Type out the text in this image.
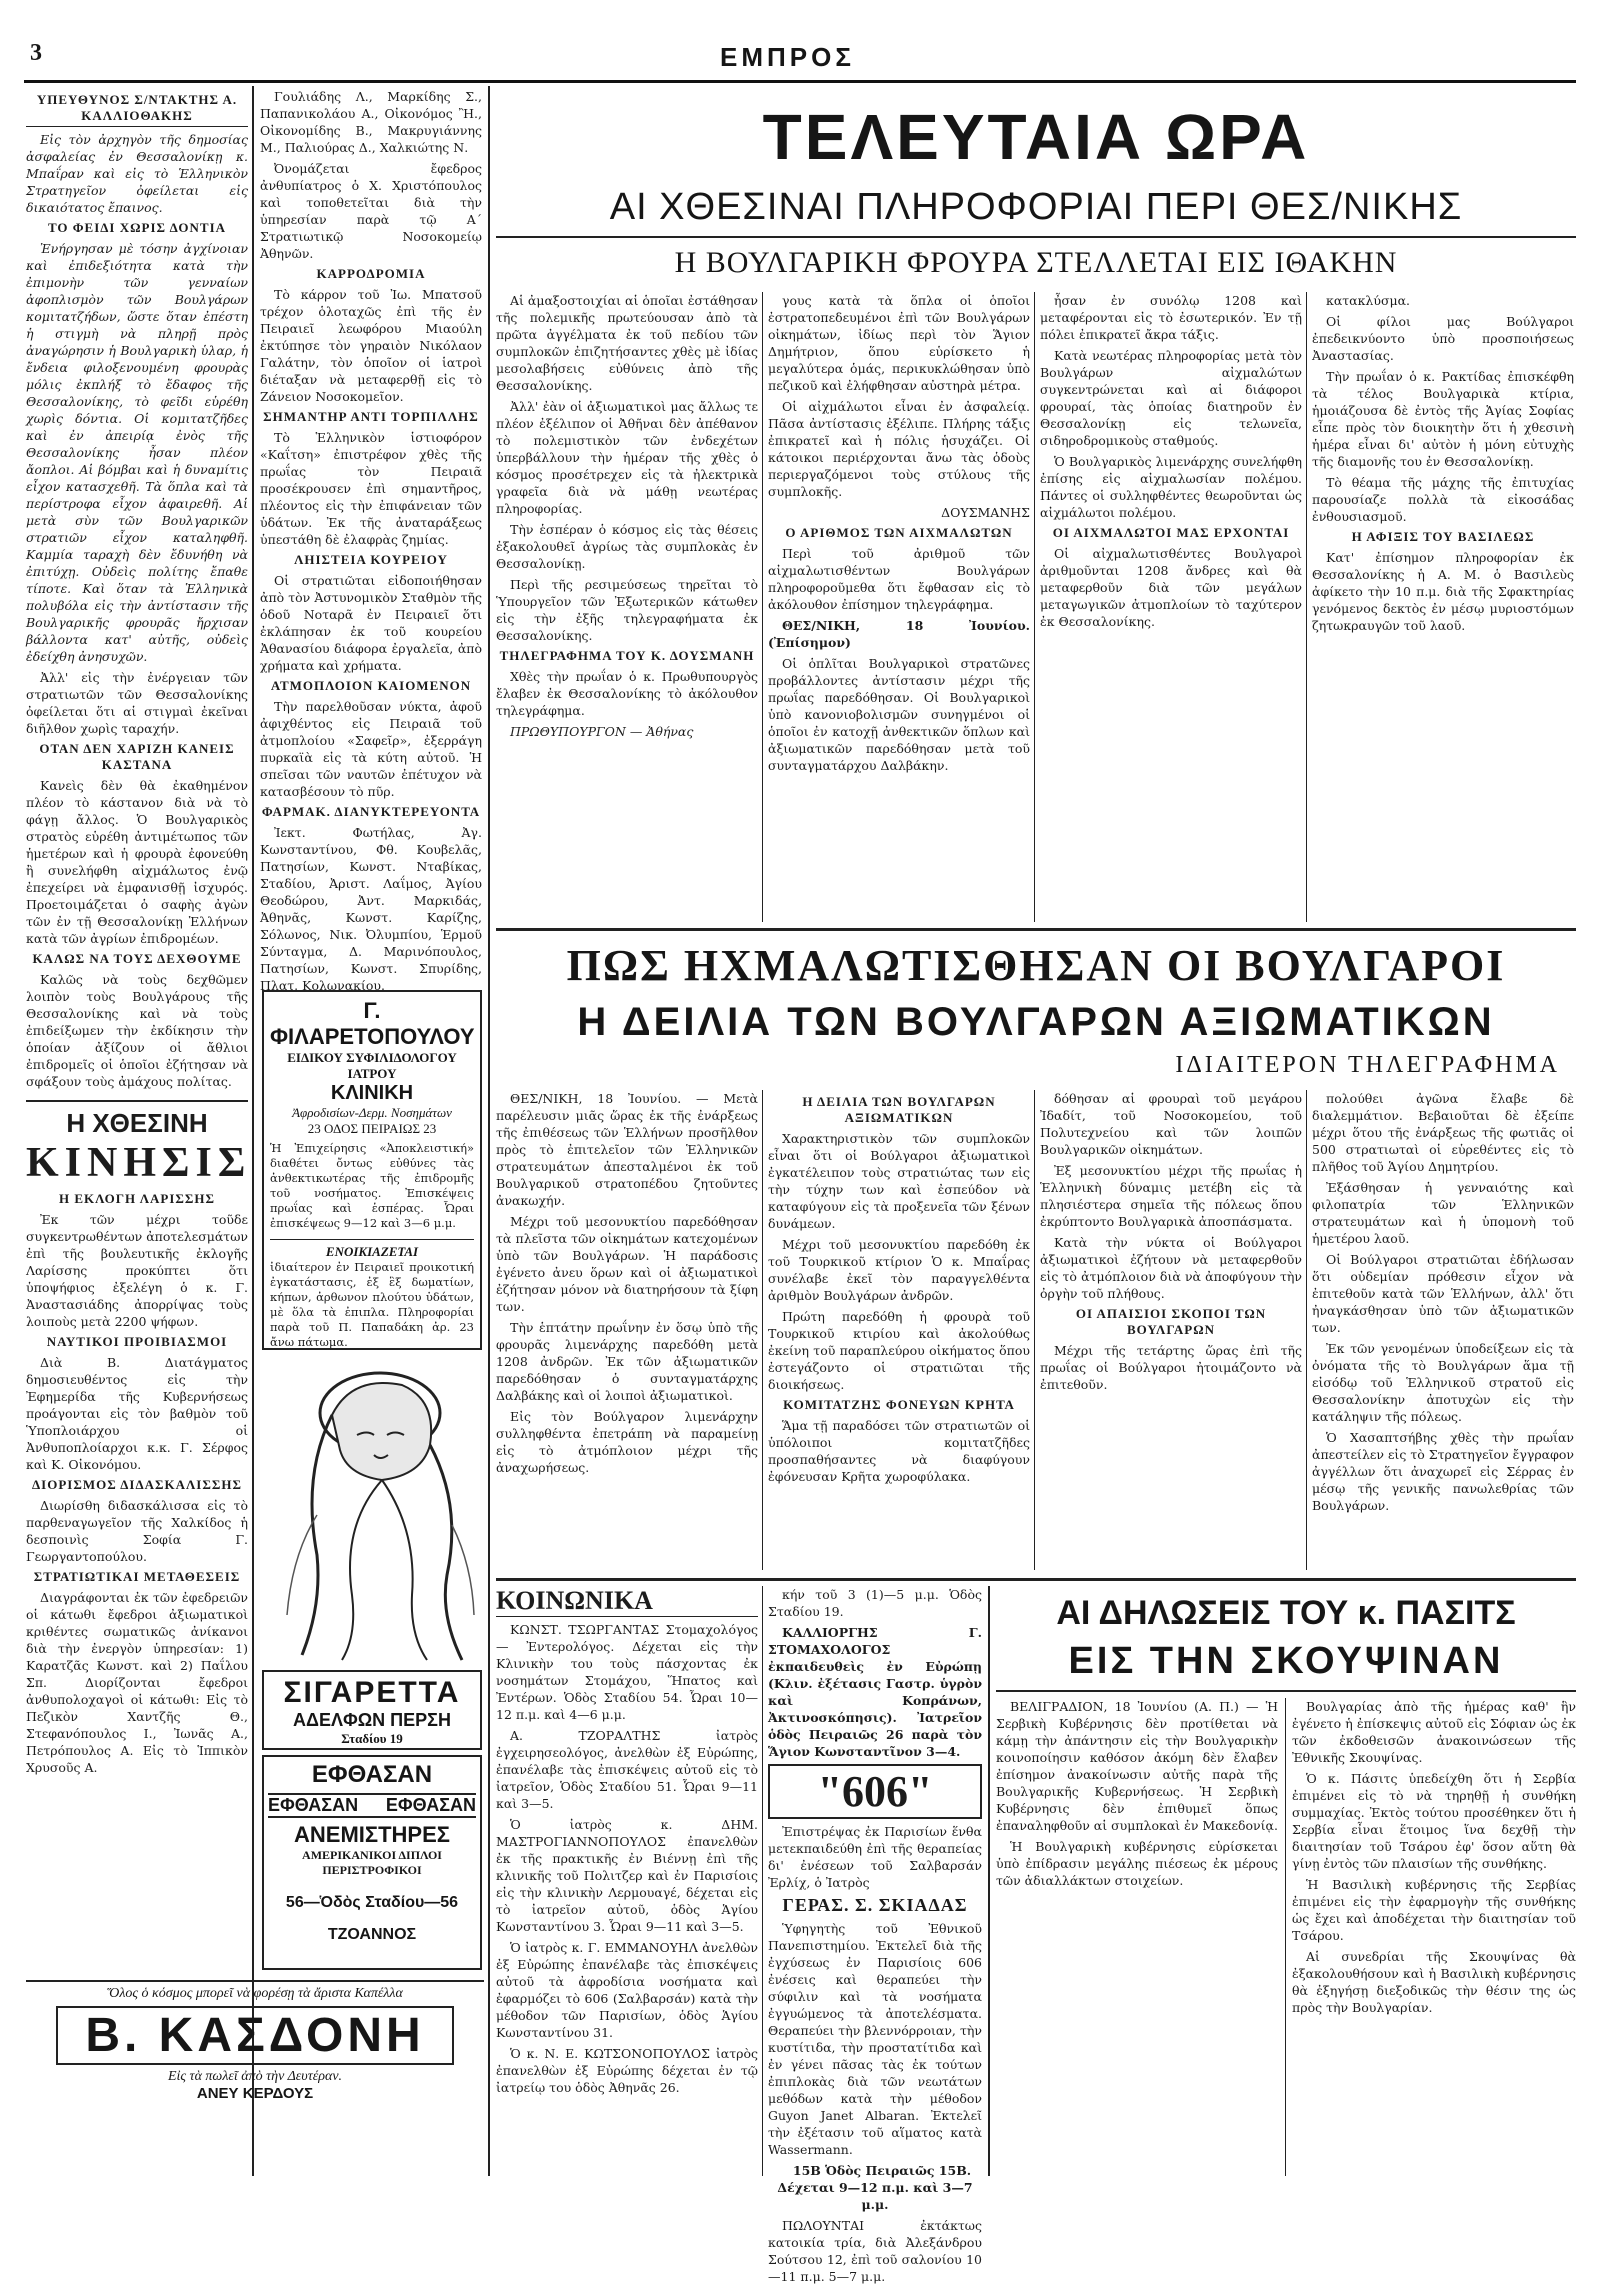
3	ΕΜΠΡΟΣ
ΥΠΕΥΘΥΝΟΣ Σ/ΝΤΑΚΤΗΣ Α. ΚΑΛΛΙΟΘΑΚΗΣ

Εἰς τὸν ἀρχηγὸν τῆς δημοσίας ἀσφαλείας ἐν Θεσσαλονίκῃ κ. Μπαΐραν καὶ εἰς τὸ Ἑλληνικὸν Στρατηγεῖον ὀφείλεται εἰς δικαιότατος ἔπαινος.

ΤΟ ΦΕΙΔΙ ΧΩΡΙΣ ΔΟΝΤΙΑ

Ἐνήργησαν μὲ τόσην ἀγχίνοιαν καὶ ἐπιδεξιότητα κατὰ τὴν ἐπιμονὴν τῶν γενναίων ἀφοπλισμὸν τῶν Βουλγάρων κομιτατζήδων, ὥστε ὅταν ἐπέστη ἡ στιγμὴ νὰ πληρῇ πρὸς ἀναγώρησιν ἡ Βουλγαρικὴ ὑλαρ, ἡ ἔνδεια φιλοξενουμένη φρουρὰς μόλις ἐκπλήξ τὸ ἔδαφος τῆς Θεσσαλονίκης, τὸ φεῖδι εὑρέθη χωρὶς δόντια. Οἱ κομιτατζῆδες καὶ ἐν ἀπειρίᾳ ἐνὸς τῆς Θεσσαλονίκης ἦσαν πλέον ἄοπλοι. Αἱ βόμβαι καὶ ἡ δυναμίτις εἶχον κατασχεθῆ. Τὰ ὅπλα καὶ τὰ περίστροφα εἶχον ἀφαιρεθῆ. Αἱ μετὰ σὺν τῶν Βουλγαρικῶν στρατιῶν εἶχον καταληφθῆ. Καμμία ταραχὴ δὲν ἔδυνήθη νὰ ἐπιτύχῃ. Οὐδεὶς πολίτης ἔπαθε τίποτε. Καὶ ὅταν τὰ Ἑλληνικὰ πολυβόλα εἰς τὴν ἀντίστασιν τῆς Βουλγαρικῆς φρουρᾶς ἤρχισαν βάλλοντα κατ' αὐτῆς, οὐδεὶς ἐδείχθη ἀνησυχῶν.

Ἀλλ' εἰς τὴν ἐνέργειαν τῶν στρατιωτῶν τῶν Θεσσαλονίκης ὀφείλεται ὅτι αἱ στιγμαὶ ἐκεῖναι διῆλθον χωρὶς ταραχήν.

ΟΤΑΝ ΔΕΝ ΧΑΡΙΖΗ ΚΑΝΕΙΣ ΚΑΣΤΑΝΑ

Κανεὶς δὲν θὰ ἐκαθημένον πλέον τὸ κάστανον διὰ νὰ τὸ φάγῃ ἄλλος. Ὁ Βουλγαρικὸς στρατὸς εὑρέθη ἀντιμέτωπος τῶν ἡμετέρων καὶ ἡ φρουρὰ ἐφονεύθη ἢ συνελήφθη αἰχμάλωτος ἐνῷ ἐπεχείρει νὰ ἐμφανισθῇ ἰσχυρός. Προετοιμάζεται ὁ σαφὴς ἀγὼν τῶν ἐν τῇ Θεσσαλονίκῃ Ἑλλήνων κατὰ τῶν ἀγρίων ἐπιδρομέων.

ΚΑΛΩΣ ΝΑ ΤΟΥΣ ΔΕΧΘΟΥΜΕ

Καλῶς νὰ τοὺς δεχθῶμεν λοιπὸν τοὺς Βουλγάρους τῆς Θεσσαλονίκης καὶ νὰ τοὺς ἐπιδείξωμεν τὴν ἐκδίκησιν τὴν ὁποίαν ἀξίζουν οἱ ἄθλιοι ἐπιδρομεῖς οἱ ὁποῖοι ἐζήτησαν νὰ σφάξουν τοὺς ἀμάχους πολίτας.

Η ΧΘΕΣΙΝΗ
ΚΙΝΗΣΙΣ
Η ΕΚΛΟΓΗ ΛΑΡΙΣΣΗΣ

Ἐκ τῶν μέχρι τοῦδε συγκεντρωθέντων ἀποτελεσμάτων ἐπὶ τῆς βουλευτικῆς ἐκλογῆς Λαρίσσης προκύπτει ὅτι ὑποψήφιος ἐξελέγη ὁ κ. Γ. Ἀναστασιάδης ἀπορρίψας τοὺς λοιποὺς μετὰ 2200 ψήφων.

ΝΑΥΤΙΚΟΙ ΠΡΟΙΒΙΑΣΜΟΙ

Διὰ Β. Διατάγματος δημοσιευθέντος εἰς τὴν Ἐφημερίδα τῆς Κυβερνήσεως προάγονται εἰς τὸν βαθμὸν τοῦ Ὑποπλοιάρχου οἱ Ἀνθυποπλοίαρχοι κ.κ. Γ. Σέρφος καὶ Κ. Οἰκονόμου.

ΔΙΟΡΙΣΜΟΣ ΔΙΔΑΣΚΑΛΙΣΣΗΣ

Διωρίσθη διδασκάλισσα εἰς τὸ παρθεναγωγεῖον τῆς Χαλκίδος ἡ δεσποινὶς Σοφία Γ. Γεωργαντοπούλου.

ΣΤΡΑΤΙΩΤΙΚΑΙ ΜΕΤΑΘΕΣΕΙΣ

Διαγράφονται ἐκ τῶν ἐφεδρειῶν οἱ κάτωθι ἔφεδροι ἀξιωματικοὶ κριθέντες σωματικῶς ἀνίκανοι διὰ τὴν ἐνεργὸν ὑπηρεσίαν: 1) Καρατζᾶς Κωνστ. καὶ 2) Παΐλου Σπ. Διορίζονται ἔφεδροι ἀνθυπολοχαγοὶ οἱ κάτωθι: Εἰς τὸ Πεζικὸν Χαντζῆς Θ., Στεφανόπουλος Ι., Ἰωνᾶς Α., Πετρόπουλος Α. Εἰς τὸ Ἱππικὸν Χρυσοῦς Α.

Γουλιάδης Λ., Μαρκίδης Σ., Παπανικολάου Α., Οἰκονόμος Ἢ., Οἰκονομίδης Β., Μακρυγιάννης Μ., Παλιούρας Δ., Χαλκιώτης Ν.

Ὀνομάζεται ἔφεδρος ἀνθυπίατρος ὁ Χ. Χριστόπουλος καὶ τοποθετεῖται διὰ τὴν ὑπηρεσίαν παρὰ τῷ Α΄ Στρατιωτικῷ Νοσοκομείῳ Ἀθηνῶν.

ΚΑΡΡΟΔΡΟΜΙΑ

Τὸ κάρρον τοῦ Ἰω. Μπατσοῦ τρέχον ὁλοταχῶς ἐπὶ τῆς ἐν Πειραιεῖ λεωφόρου Μιαούλη ἐκτύπησε τὸν γηραιὸν Νικόλαον Γαλάτην, τὸν ὁποῖον οἱ ἱατροὶ διέταξαν νὰ μεταφερθῇ εἰς τὸ Ζάνειον Νοσοκομεῖον.

ΣΗΜΑΝΤΗΡ ΑΝΤΙ ΤΟΡΠΙΛΛΗΣ

Τὸ Ἑλληνικὸν ἱστιοφόρον «Καΐτση» ἐπιστρέφον χθὲς τῆς πρωΐας τὸν Πειραιᾶ προσέκρουσεν ἐπὶ σημαντῆρος, πλέοντος εἰς τὴν ἐπιφάνειαν τῶν ὑδάτων. Ἐκ τῆς ἀναταράξεως ὑπεστάθη δὲ ἐλαφρὰς ζημίας.

ΛΗΙΣΤΕΙΑ ΚΟΥΡΕΙΟΥ

Οἱ στρατιῶται εἰδοποιήθησαν ἀπὸ τὸν Ἀστυνομικὸν Σταθμὸν τῆς ὁδοῦ Νοταρᾶ ἐν Πειραιεῖ ὅτι ἐκλάπησαν ἐκ τοῦ κουρείου Ἀθανασίου διάφορα ἐργαλεῖα, ἀπὸ χρήματα καὶ χρήματα.

ΑΤΜΟΠΛΟΙΟΝ ΚΑΙΟΜΕΝΟΝ

Τὴν παρελθοῦσαν νύκτα, ἀφοῦ ἀφιχθέντος εἰς Πειραιᾶ τοῦ ἀτμοπλοίου «Σαφεῖρ», ἐξερράγη πυρκαϊὰ εἰς τὰ κύτη αὐτοῦ. Ἡ σπεῖσαι τῶν ναυτῶν ἐπέτυχον νὰ κατασβέσουν τὸ πῦρ.

ΦΑΡΜΑΚ. ΔΙΑΝΥΚΤΕΡΕΥΟΝΤΑ

Ἰεκτ. Φωτήλας, Ἀγ. Κωνσταντίνου, Φθ. Κουβελᾶς, Πατησίων, Κωνστ. Νταβίκας, Σταδίου, Ἀριστ. Λαΐμος, Ἀγίου Θεοδώρου, Ἀντ. Μαρκιδάς, Ἀθηνᾶς, Κωνστ. Καρίζης, Σόλωνος, Νικ. Ὀλυμπίου, Ἑρμοῦ Σύνταγμα, Δ. Μαρινόπουλος, Πατησίων, Κωνστ. Σπυρίδης, Πλατ. Κολωνακίου.

Γ. ΦΙΛΑΡΕΤΟΠΟΥΛΟΥ
ΕΙΔΙΚΟΥ ΣΥΦΙΛΙΔΟΛΟΓΟΥ ΙΑΤΡΟΥ
ΚΛΙΝΙΚΗ
Ἀφροδισίων-Δερμ. Νοσημάτων
23 ΟΔΟΣ ΠΕΙΡΑΙΩΣ 23
Ἡ Ἐπιχείρησις «Ἀποκλειστική» διαθέτει ὄντως εὐθύνες τὰς ἀνθεκτικωτέρας τῆς ἐπιδρομῆς τοῦ νοσήματος. Ἐπισκέψεις πρωΐας καὶ ἑσπέρας. Ὧραι ἐπισκέψεως 9—12 καὶ 3—6 μ.μ.
ΕΝΟΙΚΙΑΖΕΤΑΙ
ἰδιαίτερον ἐν Πειραιεῖ προικοτική ἐγκατάστασις, ἐξ ἓξ δωματίων, κήπων, ἀρθωνον πλούτου ὑδάτων, μὲ ὅλα τὰ ἐπιπλα. Πληροφορίαι παρὰ τοῦ Π. Παπαδάκη ἀρ. 23 ἄνω πάτωμα.
ΣΙΓΑΡΕΤΤΑ
ΑΔΕΛΦΩΝ ΠΕΡΣΗ
Σταδίου 19
ΕΦΘΑΣΑΝ
ΕΦΘΑΣΑΝ ΕΦΘΑΣΑΝ
ΑΝΕΜΙΣΤΗΡΕΣ
ΑΜΕΡΙΚΑΝΙΚΟΙ ΔΙΠΛΟΙ ΠΕΡΙΣΤΡΟΦΙΚΟΙ
56—Ὁδὸς Σταδίου—56
ΤΖΟΑΝΝΟΣ
Ὅλος ὁ κόσμος μπορεῖ νὰ φορέσῃ τὰ ἄριστα Καπέλλα
Β. ΚΑΣΔΟΝΗ
Εἰς τὰ πωλεῖ ἀπὸ τὴν Δευτέραν.
ΑΝΕΥ ΚΕΡΔΟΥΣ
ΤΕΛΕΥΤΑΙΑ ΩΡΑ
ΑΙ ΧΘΕΣΙΝΑΙ ΠΛΗΡΟΦΟΡΙΑΙ ΠΕΡΙ ΘΕΣ/ΝΙΚΗΣ
Η ΒΟΥΛΓΑΡΙΚΗ ΦΡΟΥΡΑ ΣΤΕΛΛΕΤΑΙ ΕΙΣ ΙΘΑΚΗΝ

Αἱ ἀμαξοστοιχίαι αἱ ὁποῖαι ἐστάθησαν τῆς πολεμικῆς πρωτεύουσαν ἀπὸ τὰ πρῶτα ἀγγέλματα ἐκ τοῦ πεδίου τῶν συμπλοκῶν ἐπιζητήσαντες χθὲς μὲ ἰδίας μεσολαβήσεις εὐθύνεις ἀπὸ τῆς Θεσσαλονίκης.

Ἀλλ' ἐὰν οἱ ἀξιωματικοὶ μας ἄλλως τε πλέον ἐξέλιπον οἱ Ἀθῆναι δὲν ἀπέθανον τὸ πολεμιστικὸν τῶν ἐνδεχέτων ὑπερβάλλουν τὴν ἡμέραν τῆς χθὲς ὁ κόσμος προσέτρεχεν εἰς τὰ ἠλεκτρικὰ γραφεῖα διὰ νὰ μάθῃ νεωτέρας πληροφορίας.

Τὴν ἑσπέραν ὁ κόσμος εἰς τὰς θέσεις ἐξακολουθεῖ ἀγρίως τὰς συμπλοκὰς ἐν Θεσσαλονίκῃ.

Περὶ τῆς ρεσιμεύσεως τηρεῖται τὸ Ὑπουργεῖον τῶν Ἐξωτερικῶν κάτωθεν εἰς τὴν ἐξῆς τηλεγραφήματα ἐκ Θεσσαλονίκης.

ΤΗΛΕΓΡΑΦΗΜΑ ΤΟΥ Κ. ΔΟΥΣΜΑΝΗ

Χθὲς τὴν πρωΐαν ὁ κ. Πρωθυπουργὸς ἔλαβεν ἐκ Θεσσαλονίκης τὸ ἀκόλουθον τηλεγράφημα.

ΠΡΩΘΥΠΟΥΡΓΟΝ — Ἀθήνας

γους κατὰ τὰ ὅπλα οἱ ὁποῖοι ἐστρατοπεδευμένοι ἐπὶ τῶν Βουλγάρων οἰκημάτων, ἰδίως περὶ τὸν Ἅγιον Δημήτριον, ὅπου εὑρίσκετο ἡ μεγαλύτερα ὁμάς, περικυκλώθησαν ὑπὸ πεζικοῦ καὶ ἐλήφθησαν αὐστηρὰ μέτρα.

Οἱ αἰχμάλωτοι εἶναι ἐν ἀσφαλείᾳ. Πᾶσα ἀντίστασις ἐξέλιπε. Πλήρης τάξις ἐπικρατεῖ καὶ ἡ πόλις ἡσυχάζει. Οἱ κάτοικοι περιέρχονται ἄνω τὰς ὁδοὺς περιεργαζόμενοι τοὺς στύλους τῆς συμπλοκῆς.

ΔΟΥΣΜΑΝΗΣ

Ο ΑΡΙΘΜΟΣ ΤΩΝ ΑΙΧΜΑΛΩΤΩΝ

Περὶ τοῦ ἀριθμοῦ τῶν αἰχμαλωτισθέντων Βουλγάρων πληροφοροῦμεθα ὅτι ἔφθασαν εἰς τὸ ἀκόλουθον ἐπίσημον τηλεγράφημα.

ΘΕΣ/ΝΙΚΗ, 18 Ἰουνίου. (Ἐπίσημον)

Οἱ ὁπλῖται Βουλγαρικοὶ στρατῶνες προβάλλοντες ἀντίστασιν μέχρι τῆς πρωΐας παρεδόθησαν. Οἱ Βουλγαρικοὶ ὑπὸ κανονιοβολισμῶν συνηγμένοι οἱ ὁποῖοι ἐν κατοχῇ ἀνθεκτικῶν ὅπλων καὶ ἀξιωματικῶν παρεδόθησαν μετὰ τοῦ συνταγματάρχου Δαλβάκην.

ἦσαν ἐν συνόλῳ 1208 καὶ μεταφέρονται εἰς τὸ ἐσωτερικόν. Ἐν τῇ πόλει ἐπικρατεῖ ἄκρα τάξις.

Κατὰ νεωτέρας πληροφορίας μετὰ τὸν Βουλγάρων αἰχμαλώτων συγκεντρώνεται καὶ αἱ διάφοροι φρουραί, τὰς ὁποίας διατηροῦν ἐν Θεσσαλονίκῃ εἰς τελωνεῖα, σιδηροδρομικοὺς σταθμούς.

Ὁ Βουλγαρικὸς λιμενάρχης συνελήφθη ἐπίσης εἰς αἰχμαλωσίαν πολέμου. Πάντες οἱ συλληφθέντες θεωροῦνται ὡς αἰχμάλωτοι πολέμου.

ΟΙ ΑΙΧΜΑΛΩΤΟΙ ΜΑΣ ΕΡΧΟΝΤΑΙ

Οἱ αἰχμαλωτισθέντες Βουλγαροὶ ἀριθμοῦνται 1208 ἄνδρες καὶ θὰ μεταφερθοῦν διὰ τῶν μεγάλων μεταγωγικῶν ἀτμοπλοίων τὸ ταχύτερον ἐκ Θεσσαλονίκης.

κατακλύσμα.

Οἱ φίλοι μας Βούλγαροι ἐπεδεικνύοντο ὑπὸ προσποιήσεως Ἀναστασίας.

Τὴν πρωΐαν ὁ κ. Ρακτίδας ἐπισκέφθη τὰ τέλος Βουλγαρικὰ κτίρια, ἡμοιάζουσα δὲ ἐντὸς τῆς Ἁγίας Σοφίας εἶπε πρὸς τὸν διοικητὴν ὅτι ἡ χθεσινὴ ἡμέρα εἶναι δι' αὐτὸν ἡ μόνη εὐτυχὴς τῆς διαμονῆς του ἐν Θεσσαλονίκῃ.

Τὸ θέαμα τῆς μάχης τῆς ἐπιτυχίας παρουσίαζε πολλὰ τὰ εἰκοσάδας ἐνθουσιασμοῦ.

Η ΑΦΙΞΙΣ ΤΟΥ ΒΑΣΙΛΕΩΣ

Κατ' ἐπίσημον πληροφορίαν ἐκ Θεσσαλονίκης ἡ Α. Μ. ὁ Βασιλεὺς ἀφίκετο τὴν 10 π.μ. διὰ τῆς Σφακτηρίας γενόμενος δεκτὸς ἐν μέσῳ μυριοστόμων ζητωκραυγῶν τοῦ λαοῦ.

ΠΩΣ ΗΧΜΑΛΩΤΙΣΘΗΣΑΝ ΟΙ ΒΟΥΛΓΑΡΟΙ
Η ΔΕΙΛΙΑ ΤΩΝ ΒΟΥΛΓΑΡΩΝ ΑΞΙΩΜΑΤΙΚΩΝ
ΙΔΙΑΙΤΕΡΟΝ ΤΗΛΕΓΡΑΦΗΜΑ

ΘΕΣ/ΝΙΚΗ, 18 Ἰουνίου. — Μετὰ παρέλευσιν μιᾶς ὥρας ἐκ τῆς ἐνάρξεως τῆς ἐπιθέσεως τῶν Ἑλλήνων προσῆλθον πρὸς τὸ ἐπιτελεῖον τῶν Ἑλληνικῶν στρατευμάτων ἀπεσταλμένοι ἐκ τοῦ Βουλγαρικοῦ στρατοπέδου ζητοῦντες ἀνακωχήν.

Μέχρι τοῦ μεσονυκτίου παρεδόθησαν τὰ πλεῖστα τῶν οἰκημάτων κατεχομένων ὑπὸ τῶν Βουλγάρων. Ἡ παράδοσις ἐγένετο ἀνευ ὅρων καὶ οἱ ἀξιωματικοὶ ἐζήτησαν μόνον νὰ διατηρήσουν τὰ ξίφη των.

Τὴν ἑπτάτην πρωΐνην ἐν ὅσῳ ὑπὸ τῆς φρουρᾶς λιμενάρχης παρεδόθη μετὰ 1208 ἀνδρῶν. Ἐκ τῶν ἀξιωματικῶν παρεδόθησαν ὁ συνταγματάρχης Δαλβάκης καὶ οἱ λοιποὶ ἀξιωματικοὶ.

Εἰς τὸν Βούλγαρον λιμενάρχην συλληφθέντα ἐπετράπη νὰ παραμείνῃ εἰς τὸ ἀτμόπλοιον μέχρι τῆς ἀναχωρήσεως.

Η ΔΕΙΛΙΑ ΤΩΝ ΒΟΥΛΓΑΡΩΝ ΑΞΙΩΜΑΤΙΚΩΝ

Χαρακτηριστικὸν τῶν συμπλοκῶν εἶναι ὅτι οἱ Βούλγαροι ἀξιωματικοὶ ἐγκατέλειπον τοὺς στρατιώτας των εἰς τὴν τύχην των καὶ ἐσπεύδον νὰ καταφύγουν εἰς τὰ προξενεῖα τῶν ξένων δυνάμεων.

Μέχρι τοῦ μεσονυκτίου παρεδόθη ἐκ τοῦ Τουρκικοῦ κτίριον Ὁ κ. Μπαΐρας συνέλαβε ἐκεῖ τὸν παραγγελθέντα ἀριθμὸν Βουλγάρων ἀνδρῶν.

Πρώτη παρεδόθη ἡ φρουρὰ τοῦ Τουρκικοῦ κτιρίου καὶ ἀκολούθως ἐκείνη τοῦ παραπλεύρου οἰκήματος ὅπου ἐστεγάζοντο οἱ στρατιῶται τῆς διοικήσεως.

ΚΟΜΙΤΑΤΖΗΣ ΦΟΝΕΥΩΝ ΚΡΗΤΑ

Ἅμα τῇ παραδόσει τῶν στρατιωτῶν οἱ ὑπόλοιποι κομιτατζῆδες προσπαθήσαντες νὰ διαφύγουν ἐφόνευσαν Κρῆτα χωροφύλακα.

δόθησαν αἱ φρουραὶ τοῦ μεγάρου Ἰδαδίτ, τοῦ Νοσοκομείου, τοῦ Πολυτεχνείου καὶ τῶν λοιπῶν Βουλγαρικῶν οἰκημάτων.

Ἐξ μεσονυκτίου μέχρι τῆς πρωΐας ἡ Ἑλληνικὴ δύναμις μετέβη εἰς τὰ πλησιέστερα σημεῖα τῆς πόλεως ὅπου ἐκρύπτοντο Βουλγαρικὰ ἀποσπάσματα.

Κατὰ τὴν νύκτα οἱ Βούλγαροι ἀξιωματικοὶ ἐζήτουν νὰ μεταφερθοῦν εἰς τὸ ἀτμόπλοιον διὰ νὰ ἀποφύγουν τὴν ὀργὴν τοῦ πλήθους.

ΟΙ ΑΠΑΙΣΙΟΙ ΣΚΟΠΟΙ ΤΩΝ ΒΟΥΛΓΑΡΩΝ

Μέχρι τῆς τετάρτης ὥρας ἐπὶ τῆς πρωΐας οἱ Βούλγαροι ἠτοιμάζοντο νὰ ἐπιτεθοῦν.

πολούθει ἀγῶνα ἔλαβε δὲ διαλεμμάτιον. Βεβαιοῦται δὲ ἐξείπε μέχρι ὅτου τῆς ἐνάρξεως τῆς φωτιᾶς οἱ 500 στρατιωταὶ οἱ εὑρεθέντες εἰς τὸ πλῆθος τοῦ Ἁγίου Δημητρίου.

Ἐξάσθησαν ἡ γενναιότης καὶ φιλοπατρία τῶν Ἑλληνικῶν στρατευμάτων καὶ ἡ ὑπομονὴ τοῦ ἡμετέρου λαοῦ.

Οἱ Βούλγαροι στρατιῶται ἐδήλωσαν ὅτι οὐδεμίαν πρόθεσιν εἶχον νὰ ἐπιτεθοῦν κατὰ τῶν Ἑλλήνων, ἀλλ' ὅτι ἠναγκάσθησαν ὑπὸ τῶν ἀξιωματικῶν των.

Ἐκ τῶν γενομένων ὑποδείξεων εἰς τὰ ὀνόματα τῆς τὸ Βουλγάρων ἅμα τῇ εἰσόδῳ τοῦ Ἑλληνικοῦ στρατοῦ εἰς Θεσσαλονίκην ἀποτυχὼν εἰς τὴν κατάληψιν τῆς πόλεως.

Ὁ Χασαπτσήβης χθὲς τὴν πρωΐαν ἀπεστείλεν εἰς τὸ Στρατηγεῖον ἔγγραφον ἀγγέλλων ὅτι ἀναχωρεῖ εἰς Σέρρας ἐν μέσῳ τῆς γενικῆς πανωλεθρίας τῶν Βουλγάρων.

ΚΟΙΝΩΝΙΚΑ

ΚΩΝΣΤ. ΤΣΩΡΓΑΝΤΑΣ Στομαχολόγος — Ἐντερολόγος. Δέχεται εἰς τὴν Κλινικὴν του τοὺς πάσχοντας ἐκ νοσημάτων Στομάχου, Ἥπατος καὶ Ἐντέρων. Ὁδὸς Σταδίου 54. Ὧραι 10—12 π.μ. καὶ 4—6 μ.μ.

Α. ΤΖΟΡΑΛΤΗΣ ἰατρὸς ἐγχειρησεολόγος, ἀνελθὼν ἐξ Εὐρώπης, ἐπανέλαβε τὰς ἐπισκέψεις αὐτοῦ εἰς τὸ ἰατρεῖον, Ὁδὸς Σταδίου 51. Ὧραι 9—11 καὶ 3—5.

Ὁ ἰατρὸς κ. ΔΗΜ. ΜΑΣΤΡΟΓΙΑΝΝΟΠΟΥΛΟΣ ἐπανελθὼν ἐκ τῆς πρακτικῆς ἐν Βιέννῃ ἐπὶ τῆς κλινικῆς τοῦ Πολιτζερ καὶ ἐν Παρισίοις εἰς τὴν κλινικὴν Λερμουαγέ, δέχεται εἰς τὸ ἰατρεῖον αὐτοῦ, ὁδὸς Ἁγίου Κωνσταντίνου 3. Ὧραι 9—11 καὶ 3—5.

Ὁ ἰατρὸς κ. Γ. ΕΜΜΑΝΟΥΗΛ ἀνελθὼν ἐξ Εὐρώπης ἐπανέλαβε τὰς ἐπισκέψεις αὐτοῦ τὰ ἀφροδίσια νοσήματα καὶ ἐφαρμόζει τὸ 606 (Σαλβαρσάν) κατὰ τὴν μέθοδον τῶν Παρισίων, ὁδὸς Ἁγίου Κωνσταντίνου 31.

Ὁ κ. Ν. Ε. ΚΩΤΣΟΝΟΠΟΥΛΟΣ ἰατρὸς ἐπανελθὼν ἐξ Εὐρώπης δέχεται ἐν τῷ ἰατρείῳ του ὁδὸς Ἀθηνᾶς 26.

κήν τοῦ 3 (1)—5 μ.μ. Ὁδὸς Σταδίου 19.

ΚΑΛΛΙΟΡΓΗΣ Γ. ΣΤΟΜΑΧΟΛΟΓΟΣ ἐκπαιδευθεὶς ἐν Εὐρώπῃ (Κλιν. ἐξέτασις Γαστρ. ὑγρὸν καὶ Κοπράνων, Ἀκτινοσκόπησις). Ἰατρεῖον ὁδὸς Πειραιῶς 26 παρὰ τὸν Ἅγιον Κωνσταντῖνον 3—4.

"606"

Ἐπιστρέψας ἐκ Παρισίων ἕνθα μετεκπαιδεύθη ἐπὶ τῆς θεραπείας δι' ἐνέσεων τοῦ Σαλβαρσάν Ἐρλίχ, ὁ Ἰατρὸς

ΓΕΡΑΣ. Σ. ΣΚΙΑΔΑΣ

Ὑφηγητὴς τοῦ Ἐθνικοῦ Πανεπιστημίου. Ἐκτελεῖ διὰ τῆς ἐγχύσεως ἐν Παρισίοις 606 ἐνέσεις καὶ θεραπεύει τὴν σύφιλιν καὶ τὰ νοσήματα ἐγγυώμενος τὰ ἀποτελέσματα. Θεραπεύει τὴν βλεννόρροιαν, τὴν κυστίτιδα, τὴν προστατίτιδα καὶ ἐν γένει πᾶσας τὰς ἐκ τούτων ἐπιπλοκὰς διὰ τῶν νεωτάτων μεθόδων κατὰ τὴν μέθοδον Guyon Janet Albaran. Ἐκτελεῖ τὴν ἐξέτασιν τοῦ αἵματος κατὰ Wassermann.

15Β Ὁδὸς Πειραιῶς 15Β. Δέχεται 9—12 π.μ. καὶ 3—7 μ.μ.

ΠΩΛΟΥΝΤΑΙ ἐκτάκτως κατοικία τρία, διὰ Ἀλεξάνδρου Σούτσου 12, ἐπὶ τοῦ σαλονίου 10—11 π.μ. 5—7 μ.μ.

ΑΙ ΔΗΛΩΣΕΙΣ ΤΟΥ κ. ΠΑΣΙΤΣ
ΕΙΣ ΤΗΝ ΣΚΟΥΨΙΝΑΝ

ΒΕΛΙΓΡΑΔΙΟΝ, 18 Ἰουνίου (Α. Π.) — Ἡ Σερβικὴ Κυβέρνησις δὲν προτίθεται νὰ κάμῃ τὴν ἀπάντησιν εἰς τὴν Βουλγαρικὴν κοινοποίησιν καθόσον ἀκόμη δὲν ἔλαβεν ἐπίσημον ἀνακοίνωσιν αὐτῆς παρὰ τῆς Βουλγαρικῆς Κυβερνήσεως. Ἡ Σερβικὴ Κυβέρνησις δὲν ἐπιθυμεῖ ὅπως ἐπαναληφθοῦν αἱ συμπλοκαὶ ἐν Μακεδονίᾳ.

Ἡ Βουλγαρικὴ κυβέρνησις εὑρίσκεται ὑπὸ ἐπίδρασιν μεγάλης πιέσεως ἐκ μέρους τῶν ἀδιαλλάκτων στοιχείων.

Βουλγαρίας ἀπὸ τῆς ἡμέρας καθ' ἣν ἐγένετο ἡ ἐπίσκεψις αὐτοῦ εἰς Σόφιαν ὡς ἐκ τῶν ἐκδοθεισῶν ἀνακοινώσεων τῆς Ἐθνικῆς Σκουψίνας.

Ὁ κ. Πάσιτς ὑπεδείχθη ὅτι ἡ Σερβία ἐπιμένει εἰς τὸ νὰ τηρηθῇ ἡ συνθήκη συμμαχίας. Ἐκτὸς τούτου προσέθηκεν ὅτι ἡ Σερβία εἶναι ἕτοιμος ἵνα δεχθῇ τὴν διαιτησίαν τοῦ Τσάρου ἐφ' ὅσον αὕτη θὰ γίνῃ ἐντὸς τῶν πλαισίων τῆς συνθήκης.

Ἡ Βασιλικὴ κυβέρνησις τῆς Σερβίας ἐπιμένει εἰς τὴν ἐφαρμογὴν τῆς συνθήκης ὡς ἔχει καὶ ἀποδέχεται τὴν διαιτησίαν τοῦ Τσάρου.

Αἱ συνεδρίαι τῆς Σκουψίνας θὰ ἐξακολουθήσουν καὶ ἡ Βασιλικὴ κυβέρνησις θὰ ἐξηγήσῃ διεξοδικῶς τὴν θέσιν της ὡς πρὸς τὴν Βουλγαρίαν.
